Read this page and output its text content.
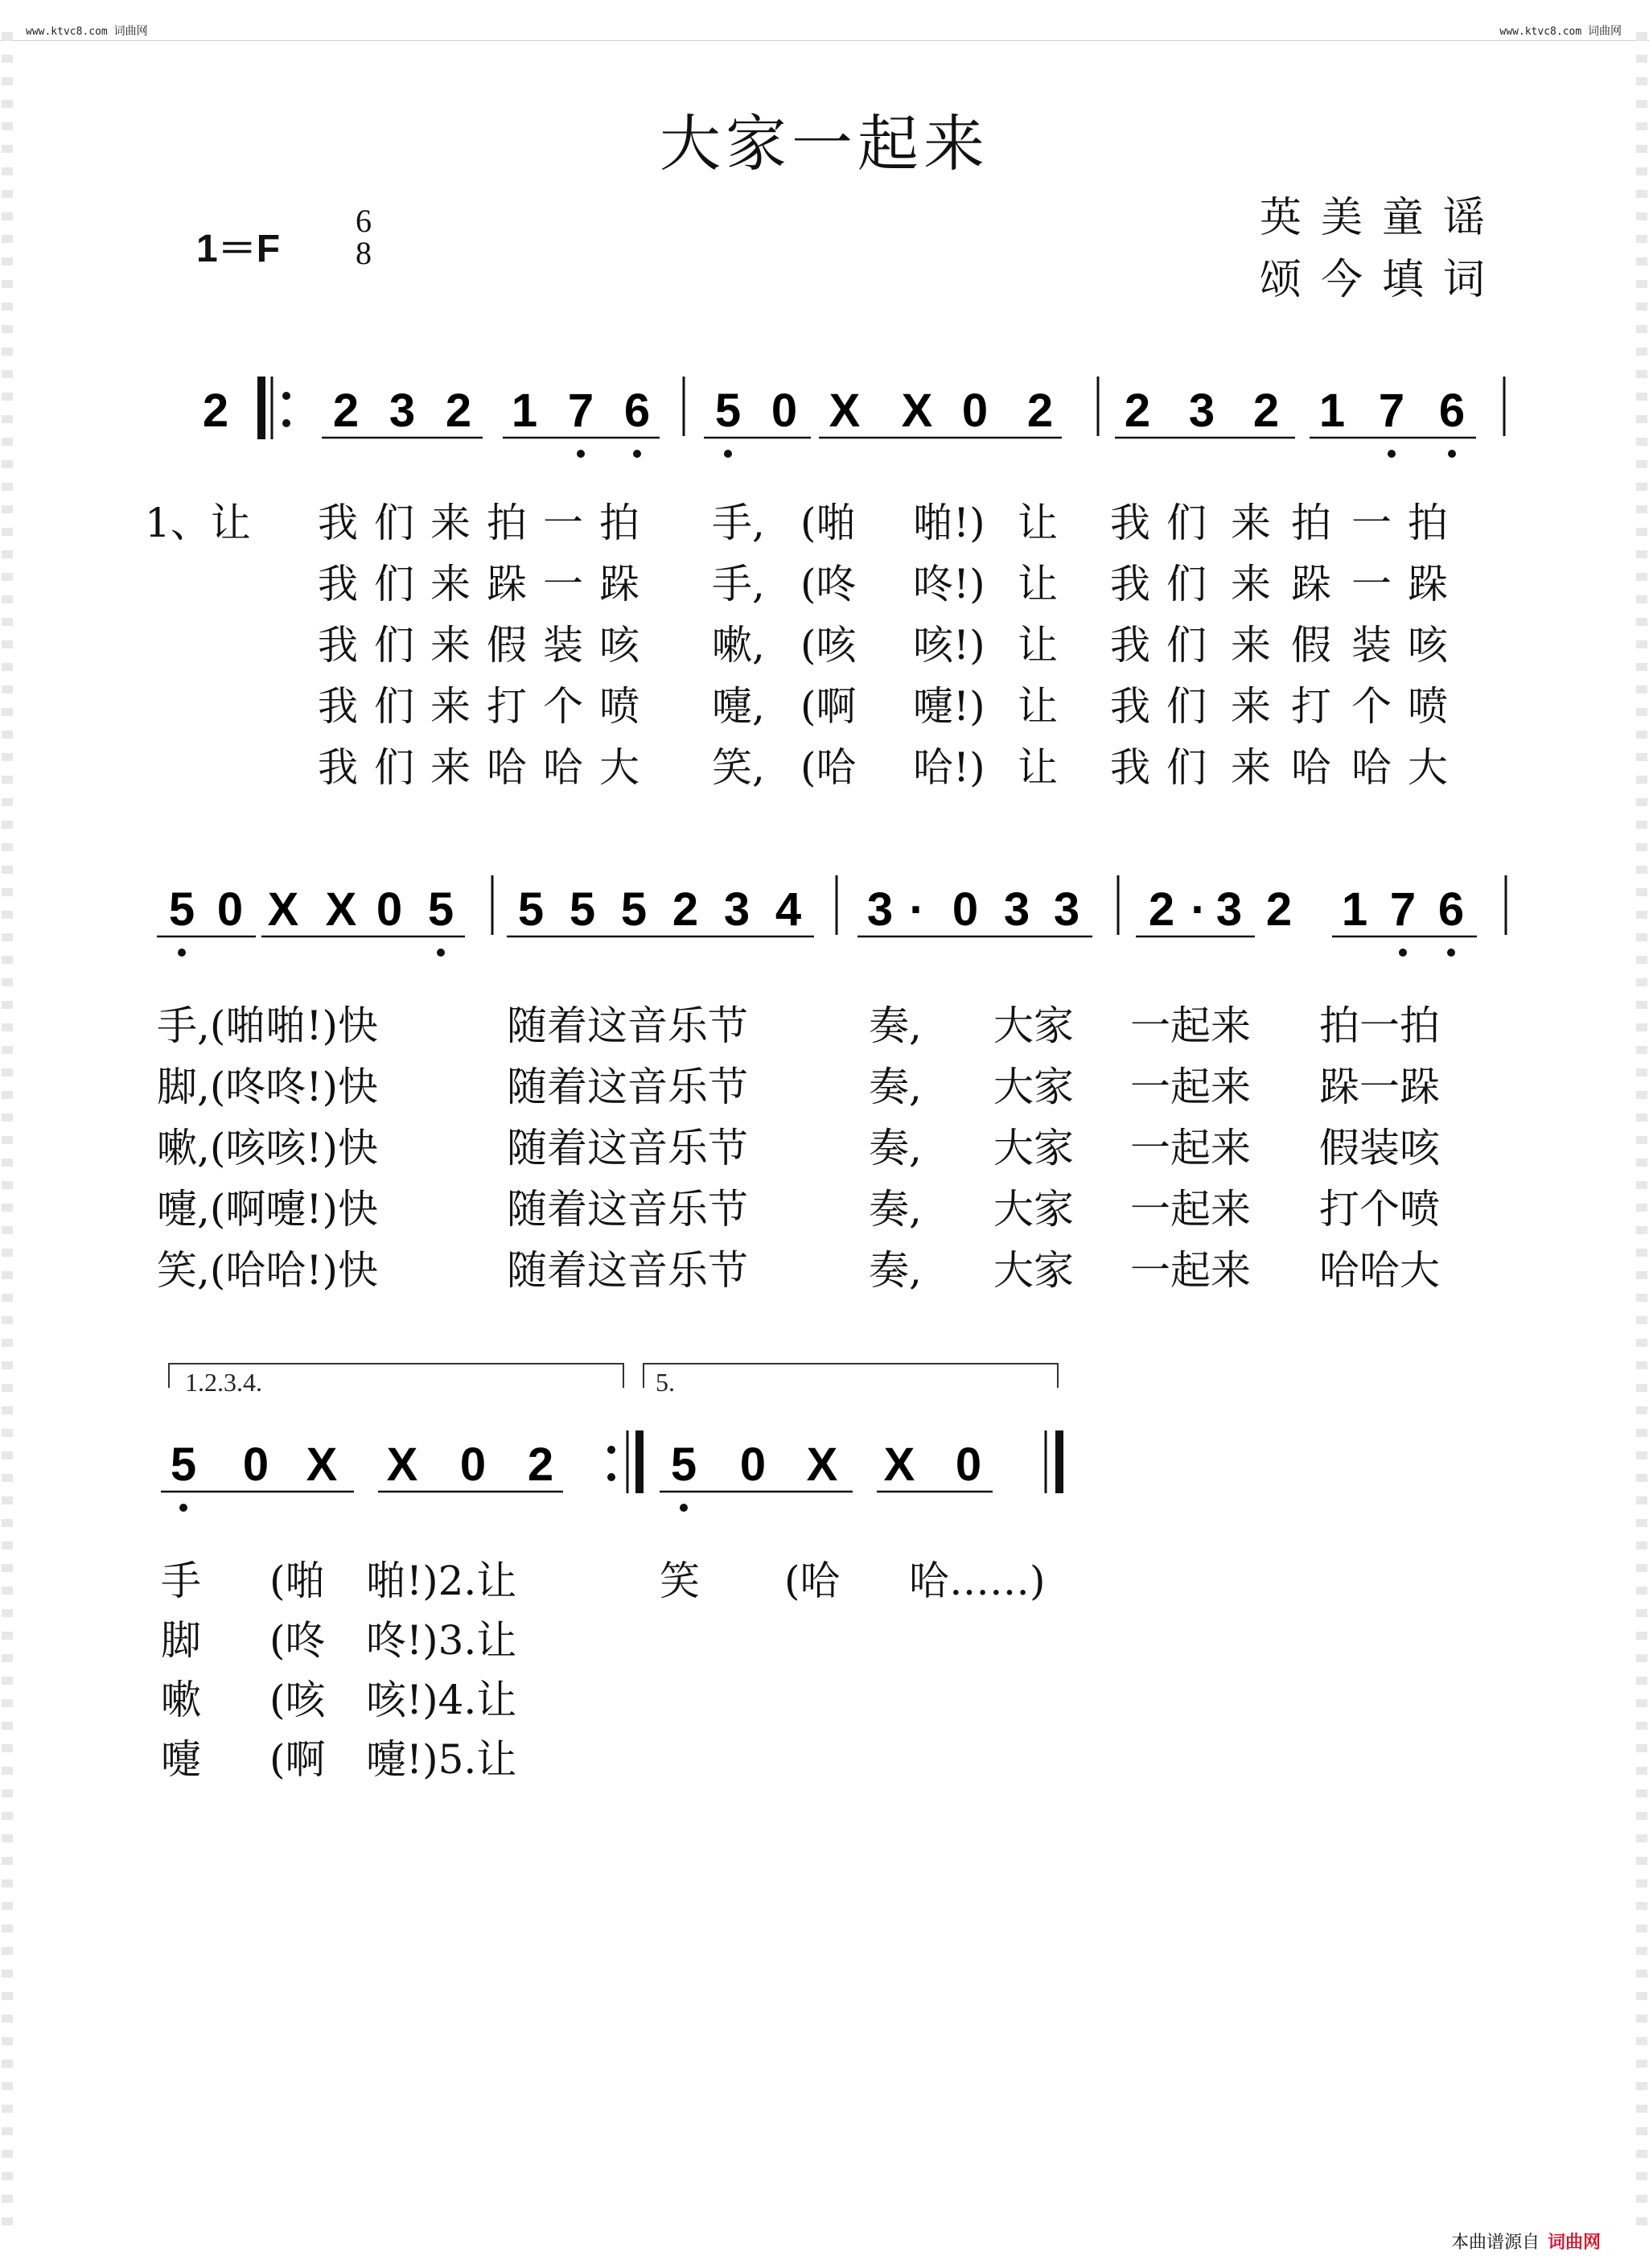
www.ktvc8.com 词曲网	www.ktvc8.com 词曲网
大家一起来
英美童谣
颂今填词
1＝F
6
8
2 2 3 2 1 7 6 5 0 X X 0 2 2 3 2 1 7 6
5 0 X X 0 5 5 5 5 2 3 4 3 · 0 3 3 2 · 3 2 1 7 6
5 0 X X 0 2	5 0 X X 0
1、让 我 们 来 拍 一 拍 手, (啪 啪!) 让 我 们 来 拍 一 拍
我 们 来 跺 一 跺 手, (咚 咚!) 让 我 们 来 跺 一 跺
我 们 来 假 装 咳 嗽, (咳 咳!) 让 我 们 来 假 装 咳
我 们 来 打 个 喷 嚏, (啊 嚏!) 让 我 们 来 打 个 喷
我 们 来 哈 哈 大 笑, (哈 哈!) 让 我 们 来 哈 哈 大
手,(啪啪!)快	随着这音乐节	奏, 大家 一起来 拍一拍
脚,(咚咚!)快	随着这音乐节	奏, 大家 一起来 跺一跺
嗽,(咳咳!)快	随着这音乐节	奏, 大家 一起来 假装咳
嚏,(啊嚏!)快	随着这音乐节	奏, 大家 一起来 打个喷
笑,(哈哈!)快	随着这音乐节	奏, 大家 一起来 哈哈大
手 (啪 啪!)2.让	笑 (哈 哈……)
脚 (咚 咚!)3.让
嗽 (咳 咳!)4.让
嚏 (啊 嚏!)5.让
1.2.3.4.	5.
本曲谱源自 词曲网
